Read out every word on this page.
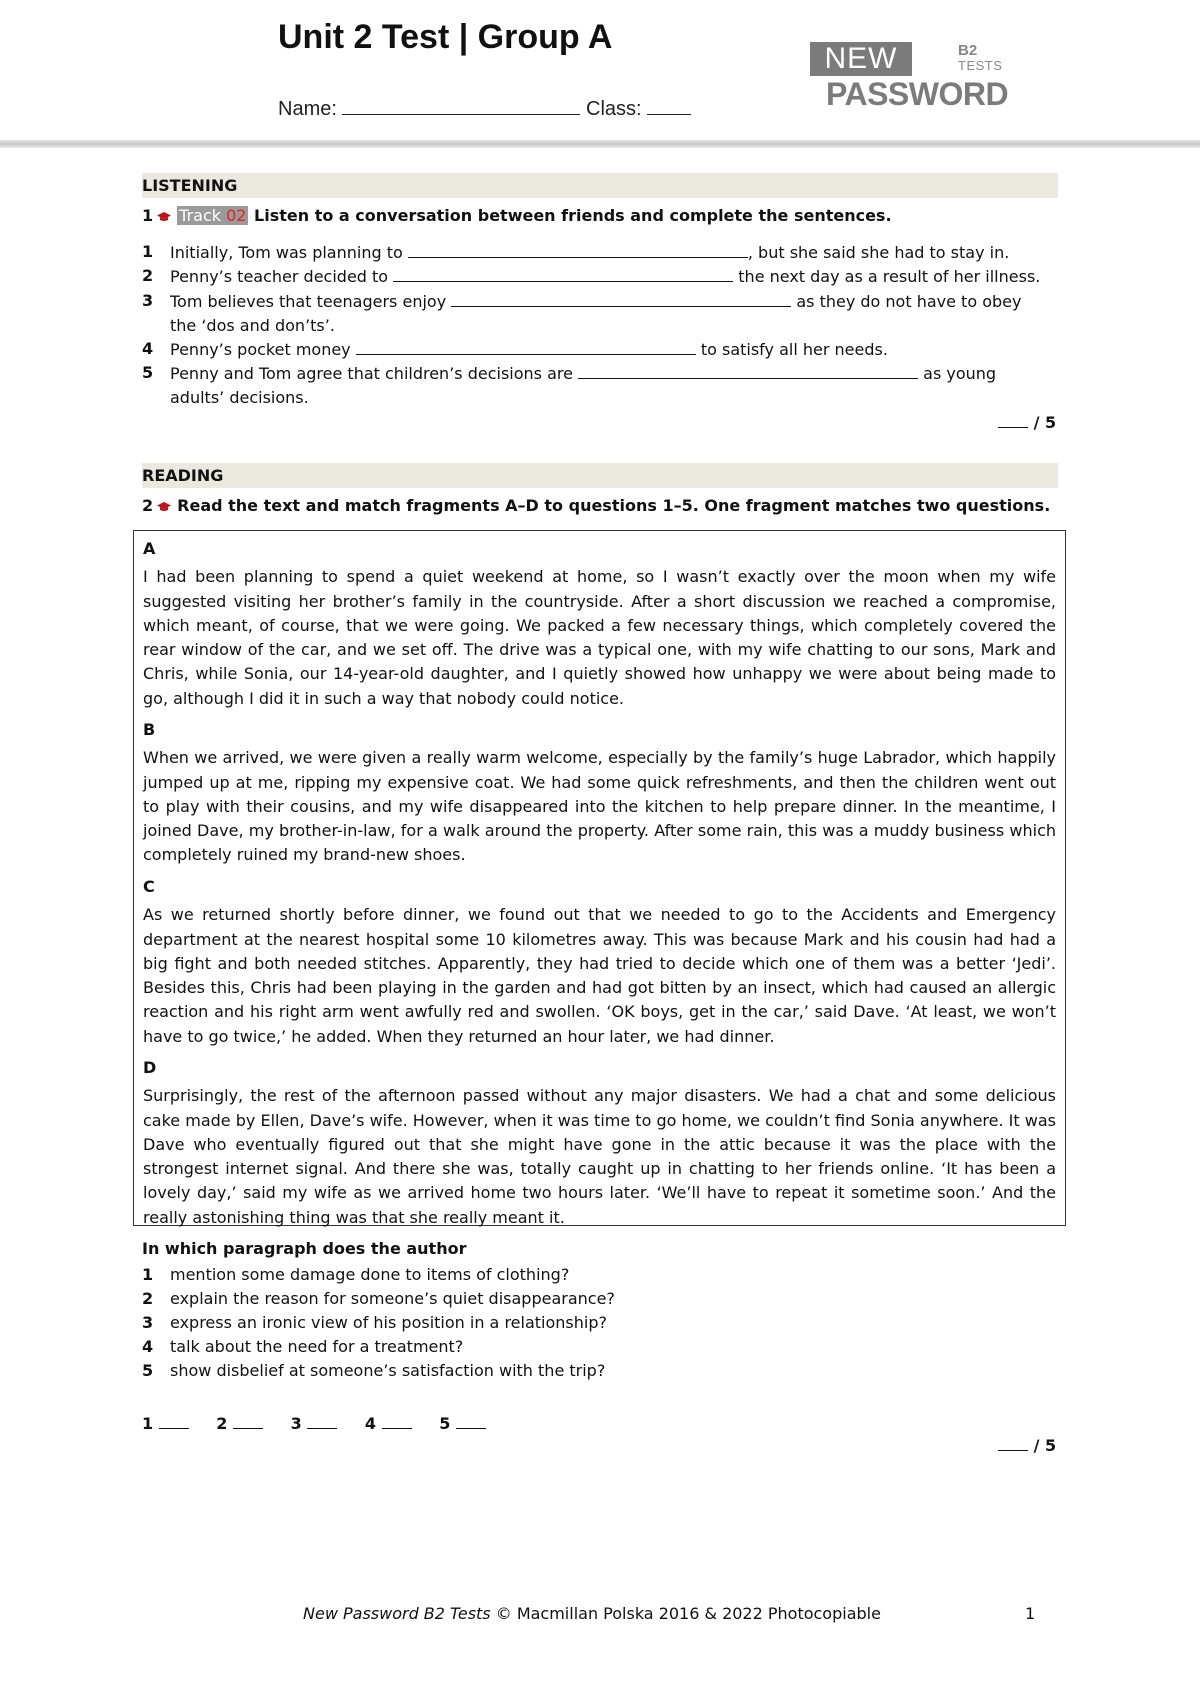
Unit 2 Test | Group A
Name:	Class:
NEW	B2
TESTS
PASSWORD
LISTENING
1 Track 02 Listen to a conversation between friends and complete the sentences.
1 Initially, Tom was planning to	, but she said she had to stay in.
2 Penny’s teacher decided to	the next day as a result of her illness.
3 Tom believes that teenagers enjoy	as they do not have to obey the ‘dos and don’ts’.
4 Penny’s pocket money	to satisfy all her needs.
5 Penny and Tom agree that children’s decisions are	as young adults’ decisions.
/ 5
READING
2 Read the text and match fragments A–D to questions 1–5. One fragment matches two questions.
A
I had been planning to spend a quiet weekend at home, so I wasn’t exactly over the moon when my wife suggested visiting her brother’s family in the countryside. After a short discussion we reached a compromise, which meant, of course, that we were going. We packed a few necessary things, which completely covered the rear window of the car, and we set off. The drive was a typical one, with my wife chatting to our sons, Mark and Chris, while Sonia, our 14-year-old daughter, and I quietly showed how unhappy we were about being made to go, although I did it in such a way that nobody could notice.
B
When we arrived, we were given a really warm welcome, especially by the family’s huge Labrador, which happily jumped up at me, ripping my expensive coat. We had some quick refreshments, and then the children went out to play with their cousins, and my wife disappeared into the kitchen to help prepare dinner. In the meantime, I joined Dave, my brother-in-law, for a walk around the property. After some rain, this was a muddy business which completely ruined my brand-new shoes.
C
As we returned shortly before dinner, we found out that we needed to go to the Accidents and Emergency department at the nearest hospital some 10 kilometres away. This was because Mark and his cousin had had a big fight and both needed stitches. Apparently, they had tried to decide which one of them was a better ‘Jedi’. Besides this, Chris had been playing in the garden and had got bitten by an insect, which had caused an allergic reaction and his right arm went awfully red and swollen. ‘OK boys, get in the car,’ said Dave. ‘At least, we won’t have to go twice,’ he added. When they returned an hour later, we had dinner.
D
Surprisingly, the rest of the afternoon passed without any major disasters. We had a chat and some delicious cake made by Ellen, Dave’s wife. However, when it was time to go home, we couldn’t find Sonia anywhere. It was Dave who eventually figured out that she might have gone in the attic because it was the place with the strongest internet signal. And there she was, totally caught up in chatting to her friends online. ‘It has been a lovely day,’ said my wife as we arrived home two hours later. ‘We’ll have to repeat it sometime soon.’ And the really astonishing thing was that she really meant it.
In which paragraph does the author
1 mention some damage done to items of clothing?
2 explain the reason for someone’s quiet disappearance?
3 express an ironic view of his position in a relationship?
4 talk about the need for a treatment?
5 show disbelief at someone’s satisfaction with the trip?
1	2	3	4	5
/ 5
New Password B2 Tests © Macmillan Polska 2016 & 2022 Photocopiable	1
